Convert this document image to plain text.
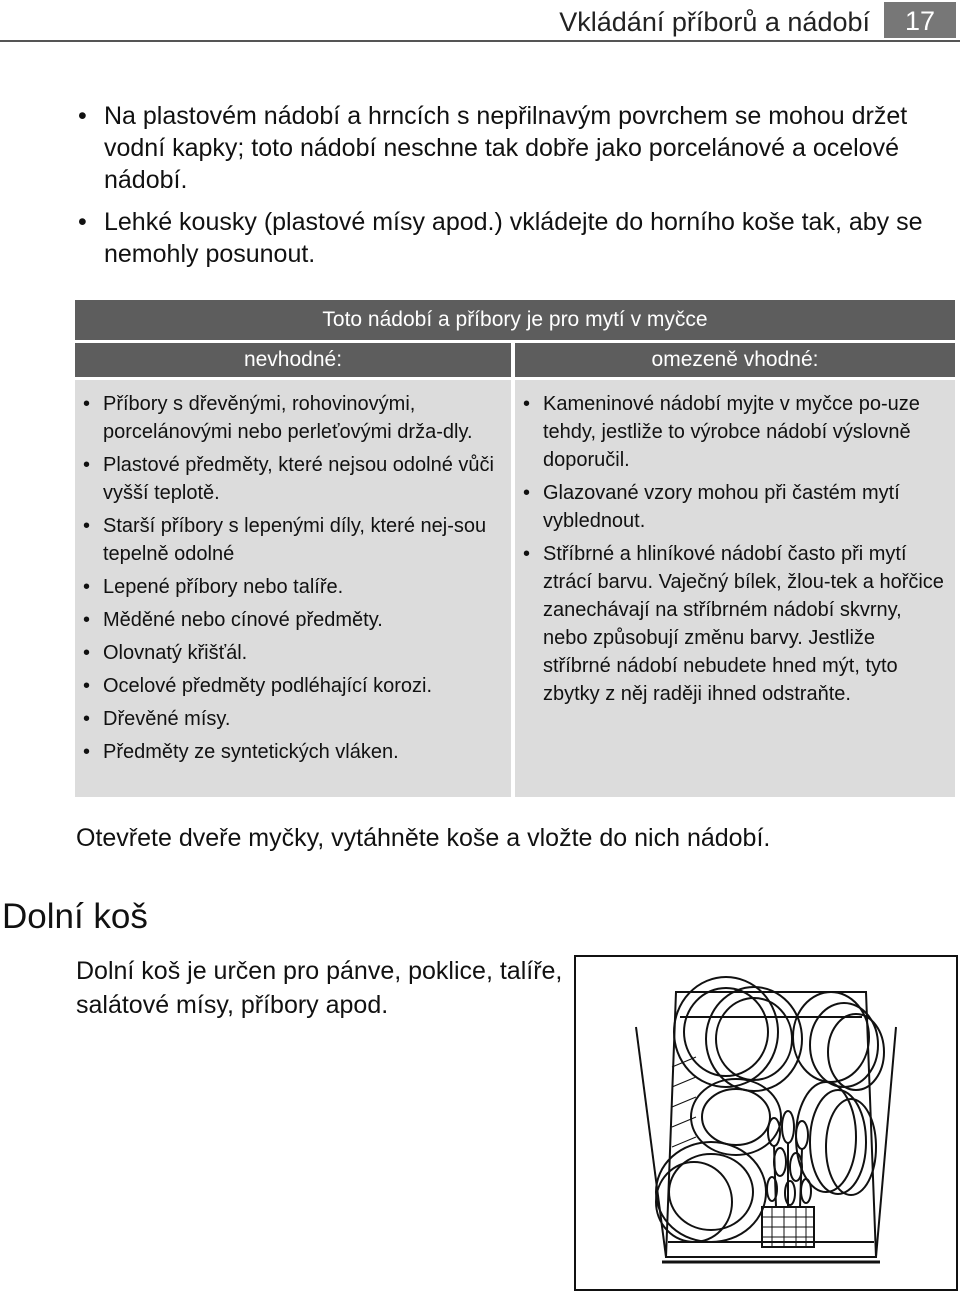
Vkládání příborů a nádobí	17
• Na plastovém nádobí a hrncích s nepřilnavým povrchem se mohou držet vodní kapky; toto nádobí neschne tak dobře jako porcelánové a ocelové nádobí.
• Lehké kousky (plastové mísy apod.) vkládejte do horního koše tak, aby se nemohly posunout.
Toto nádobí a příbory je pro mytí v myčce
nevhodné:	omezeně vhodné:
• Příbory s dřevěnými, rohovinovými, porcelánovými nebo perleťovými drža-dly.
• Plastové předměty, které nejsou odolné vůči vyšší teplotě.
• Starší příbory s lepenými díly, které nej-sou tepelně odolné
• Lepené příbory nebo talíře.
• Měděné nebo cínové předměty.
• Olovnatý křišťál.
• Ocelové předměty podléhající korozi.
• Dřevěné mísy.
• Předměty ze syntetických vláken.
• Kameninové nádobí myjte v myčce po-uze tehdy, jestliže to výrobce nádobí výslovně doporučil.
• Glazované vzory mohou při častém mytí vyblednout.
• Stříbrné a hliníkové nádobí často při mytí ztrácí barvu. Vaječný bílek, žlou-tek a hořčice zanechávají na stříbrném nádobí skvrny, nebo způsobují změnu barvy. Jestliže stříbrné nádobí nebudete hned mýt, tyto zbytky z něj raději ihned odstraňte.
Otevřete dveře myčky, vytáhněte koše a vložte do nich nádobí.
Dolní koš
Dolní koš je určen pro pánve, poklice, talíře, salátové mísy, příbory apod.
